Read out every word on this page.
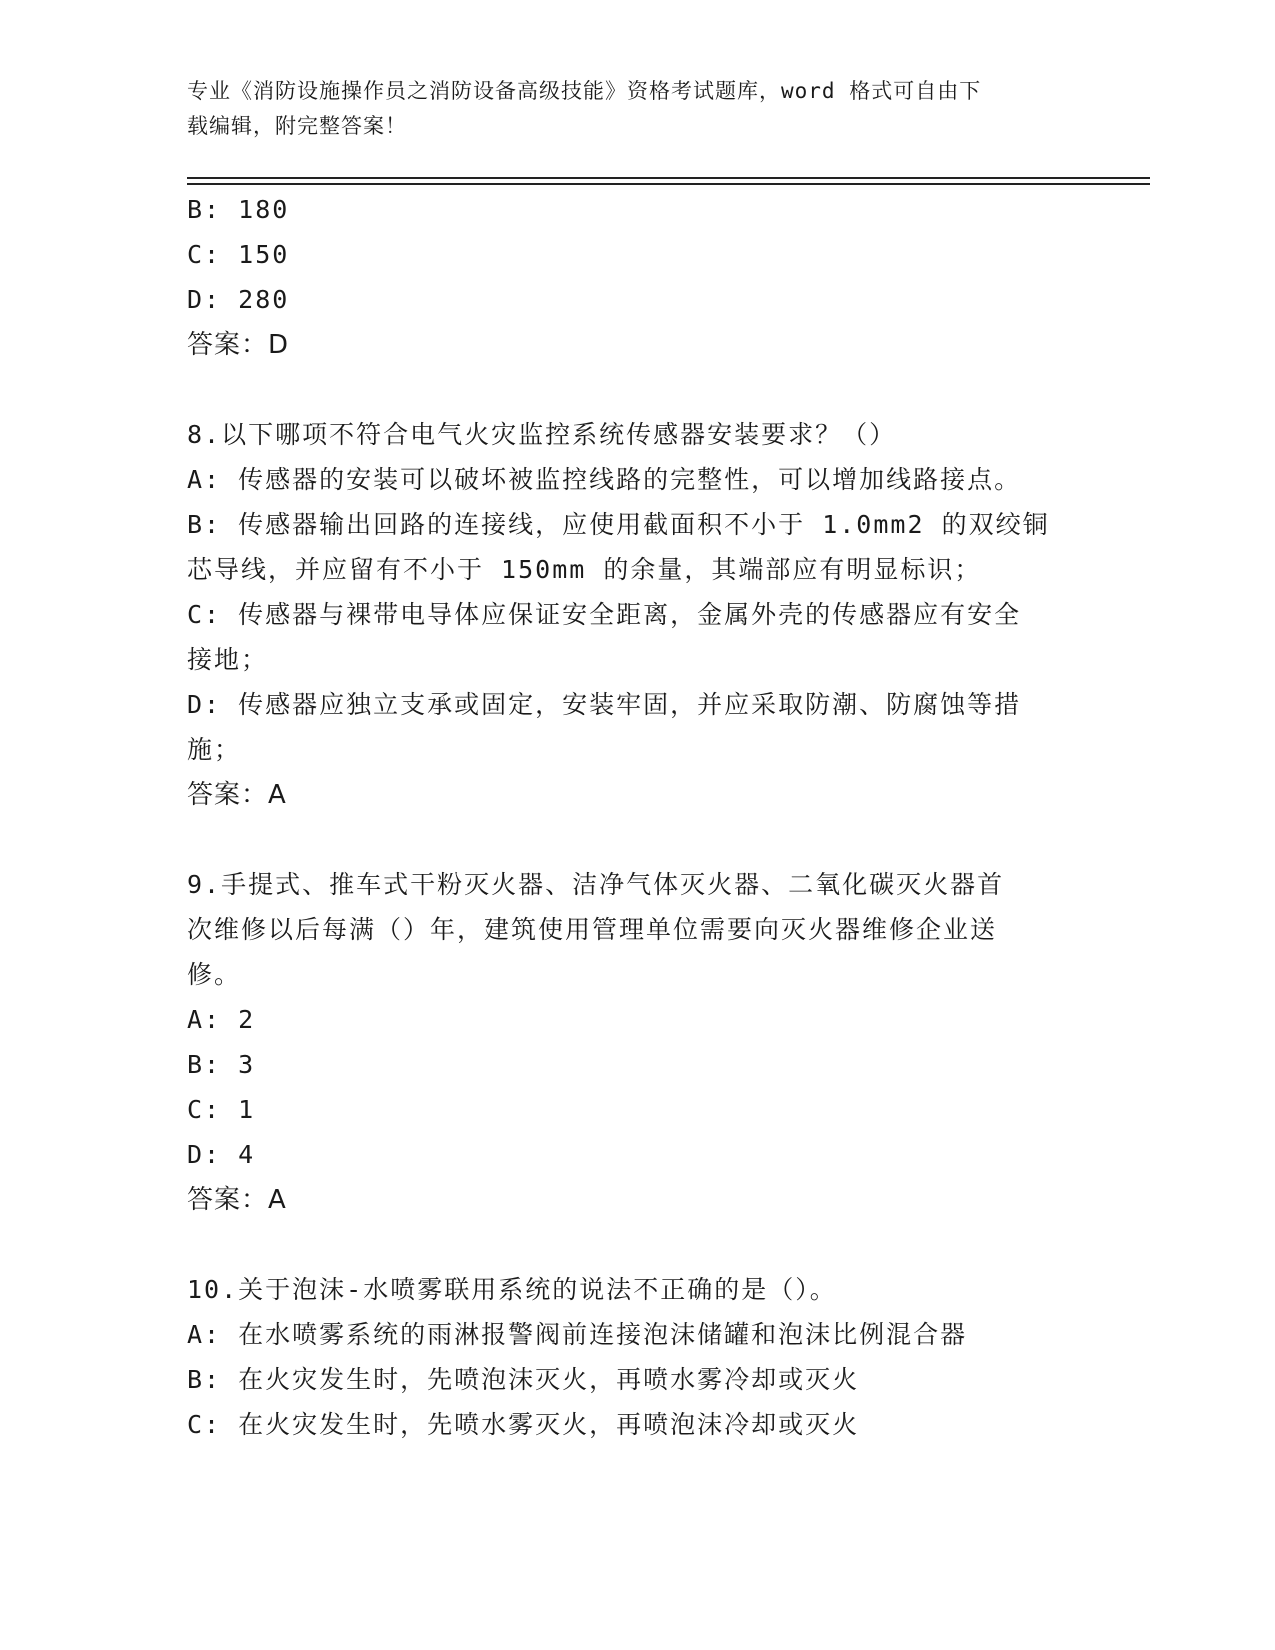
专业《消防设施操作员之消防设备高级技能》资格考试题库，word 格式可自由下
载编辑，附完整答案！
B: 180
C: 150
D: 280
答案：D
8.以下哪项不符合电气火灾监控系统传感器安装要求？（）
A: 传感器的安装可以破坏被监控线路的完整性，可以增加线路接点。
B: 传感器输出回路的连接线，应使用截面积不小于 1.0mm2 的双绞铜
芯导线，并应留有不小于 150mm 的余量，其端部应有明显标识；
C: 传感器与裸带电导体应保证安全距离，金属外壳的传感器应有安全
接地；
D: 传感器应独立支承或固定，安装牢固，并应采取防潮、防腐蚀等措
施；
答案：A
9.手提式、推车式干粉灭火器、洁净气体灭火器、二氧化碳灭火器首
次维修以后每满（）年，建筑使用管理单位需要向灭火器维修企业送
修。
A: 2
B: 3
C: 1
D: 4
答案：A
10.关于泡沫-水喷雾联用系统的说法不正确的是（）。
A: 在水喷雾系统的雨淋报警阀前连接泡沫储罐和泡沫比例混合器
B: 在火灾发生时，先喷泡沫灭火，再喷水雾冷却或灭火
C: 在火灾发生时，先喷水雾灭火，再喷泡沫冷却或灭火
